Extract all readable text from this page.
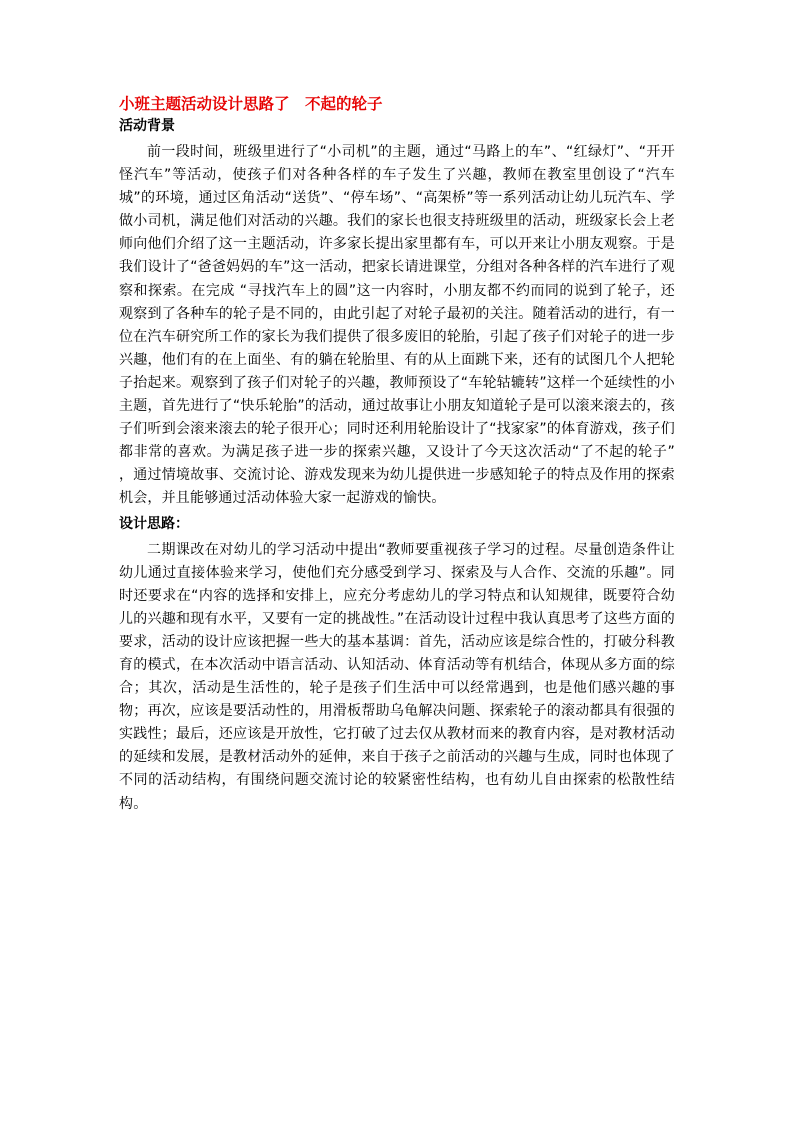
小班主题活动设计思路了　不起的轮子
活动背景

前一段时间，班级里进行了“小司机”的主题，通过“马路上的车”、“红绿灯”、“开开怪汽车”等活动，使孩子们对各种各样的车子发生了兴趣，教师在教室里创设了“汽车城”的环境，通过区角活动“送货”、“停车场”、“高架桥”等一系列活动让幼儿玩汽车、学做小司机，满足他们对活动的兴趣。我们的家长也很支持班级里的活动，班级家长会上老师向他们介绍了这一主题活动，许多家长提出家里都有车，可以开来让小朋友观察。于是我们设计了“爸爸妈妈的车”这一活动，把家长请进课堂，分组对各种各样的汽车进行了观察和探索。在完成 “寻找汽车上的圆”这一内容时，小朋友都不约而同的说到了轮子，还观察到了各种车的轮子是不同的，由此引起了对轮子最初的关注。随着活动的进行，有一位在汽车研究所工作的家长为我们提供了很多废旧的轮胎，引起了孩子们对轮子的进一步兴趣，他们有的在上面坐、有的躺在轮胎里、有的从上面跳下来，还有的试图几个人把轮子抬起来。观察到了孩子们对轮子的兴趣，教师预设了“车轮轱辘转”这样一个延续性的小主题，首先进行了“快乐轮胎”的活动，通过故事让小朋友知道轮子是可以滚来滚去的，孩子们听到会滚来滚去的轮子很开心；同时还利用轮胎设计了“找家家”的体育游戏，孩子们都非常的喜欢。为满足孩子进一步的探索兴趣，又设计了今天这次活动“了不起的轮子” ，通过情境故事、交流讨论、游戏发现来为幼儿提供进一步感知轮子的特点及作用的探索机会，并且能够通过活动体验大家一起游戏的愉快。

设计思路：

二期课改在对幼儿的学习活动中提出“教师要重视孩子学习的过程。尽量创造条件让幼儿通过直接体验来学习，使他们充分感受到学习、探索及与人合作、交流的乐趣”。同时还要求在“内容的选择和安排上，应充分考虑幼儿的学习特点和认知规律，既要符合幼儿的兴趣和现有水平，又要有一定的挑战性。”在活动设计过程中我认真思考了这些方面的要求，活动的设计应该把握一些大的基本基调：首先，活动应该是综合性的，打破分科教育的模式，在本次活动中语言活动、认知活动、体育活动等有机结合，体现从多方面的综合；其次，活动是生活性的，轮子是孩子们生活中可以经常遇到，也是他们感兴趣的事物；再次，应该是要活动性的，用滑板帮助乌龟解决问题、探索轮子的滚动都具有很强的实践性；最后，还应该是开放性，它打破了过去仅从教材而来的教育内容，是对教材活动的延续和发展，是教材活动外的延伸，来自于孩子之前活动的兴趣与生成，同时也体现了不同的活动结构，有围绕问题交流讨论的较紧密性结构，也有幼儿自由探索的松散性结构。
